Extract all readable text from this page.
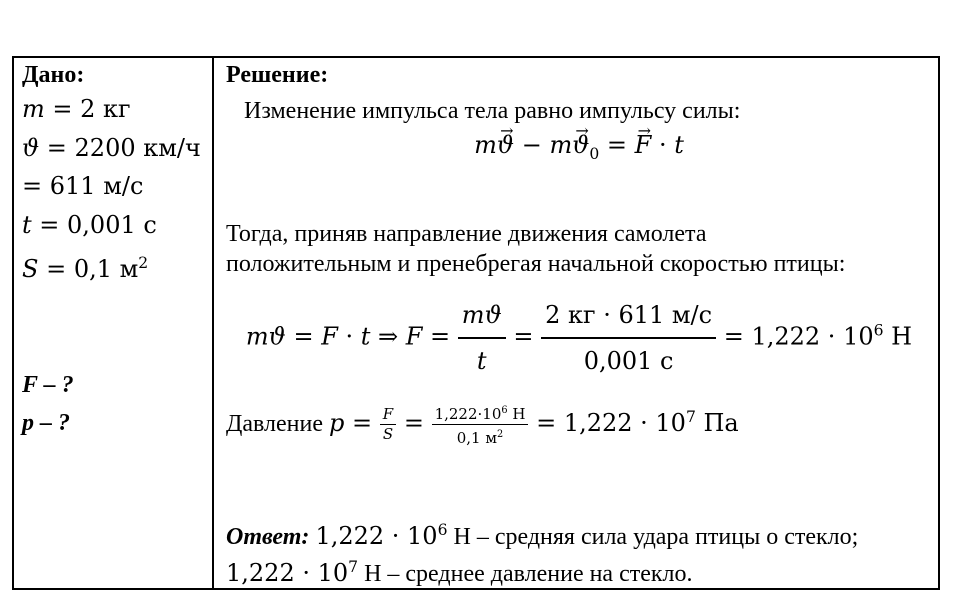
Дано:
m = 2 кг
ϑ = 2200 км/ч
= 611 м/с
t = 0,001 с
S = 0,1 $м^2$
F – ?
p – ?
Решение:
Изменение импульса тела равно импульсу силы:
mϑ → − $mϑ \to_0 = F$ → · t
Тогда, приняв направление движения самолета
положительным и пренебрегая начальной скоростью птицы:
mϑ = F · t ⇒ $F = \frac{mϑ}{t} = \frac{2 кг \cdot 611 м/с}{0,001 с} = 1,222 \cdot 10^6$ Н
Давление $p = \frac{F}{S} = \frac{1,222\cdot 10^6 Н}{0,1 м^2} = 1,222 \cdot 10^7$ Па
Ответ: $1,222 \cdot 10^6$ Н – средняя сила удара птицы о стекло;
$1,222 \cdot 10^7$ Н – среднее давление на стекло.
